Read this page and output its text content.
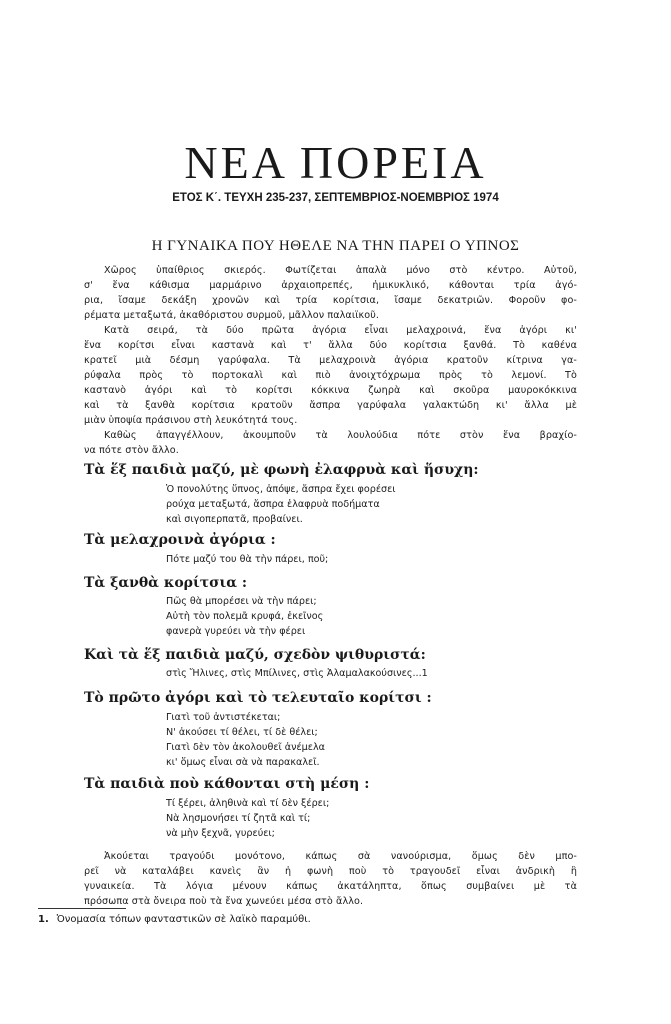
ΝΕΑ ΠΟΡΕΙΑ
ΕΤΟΣ Κ΄. ΤΕΥΧΗ 235-237, ΣΕΠΤΕΜΒΡΙΟΣ-ΝΟΕΜΒΡΙΟΣ 1974
Η ΓΥΝΑΙΚΑ ΠΟΥ ΗΘΕΛΕ ΝΑ ΤΗΝ ΠΑΡΕΙ Ο ΥΠΝΟΣ
Χῶρος ὑπαίθριος σκιερός. Φωτίζεται ἁπαλὰ μόνο στὸ κέντρο. Αὐτοῦ,
σ' ἕνα κάθισμα μαρμάρινο ἀρχαιοπρεπές, ἡμικυκλικό, κάθονται τρία ἀγό-
ρια, ἴσαμε δεκάξη χρονῶν καὶ τρία κορίτσια, ἴσαμε δεκατριῶν. Φοροῦν φο-
ρέματα μεταξωτά, ἀκαθόριστου συρμοῦ, μᾶλλον παλαιϊκοῦ.
Κατὰ σειρά, τὰ δύο πρῶτα ἀγόρια εἶναι μελαχροινά, ἕνα ἀγόρι κι'
ἕνα κορίτσι εἶναι καστανὰ καὶ τ' ἄλλα δύο κορίτσια ξανθά. Τὸ καθένα
κρατεῖ μιὰ δέσμη γαρύφαλα. Τὰ μελαχροινὰ ἀγόρια κρατοῦν κίτρινα γα-
ρύφαλα πρὸς τὸ πορτοκαλὶ καὶ πιὸ ἀνοιχτόχρωμα πρὸς τὸ λεμονί. Τὸ
καστανὸ ἀγόρι καὶ τὸ κορίτσι κόκκινα ζωηρὰ καὶ σκοῦρα μαυροκόκκινα
καὶ τὰ ξανθὰ κορίτσια κρατοῦν ἄσπρα γαρύφαλα γαλακτώδη κι' ἄλλα μὲ
μιὰν ὑποψία πράσινου στὴ λευκότητά τους.
Καθὼς ἀπαγγέλλουν, ἀκουμποῦν τὰ λουλούδια πότε στὸν ἕνα βραχίο-
να πότε στὸν ἄλλο.
Τὰ ἕξ παιδιὰ μαζύ, μὲ φωνὴ ἐλαφρυὰ καὶ ἥσυχη:
Ὁ πονολύτης ὕπνος, ἀπόψε, ἄσπρα ἔχει φορέσει
ρούχα μεταξωτά, ἄσπρα ἐλαφρυὰ ποδήματα
καὶ σιγοπερπατᾶ, προβαίνει.
Τὰ μελαχροινὰ ἀγόρια :
Πότε μαζύ του θὰ τὴν πάρει, ποῦ;
Τὰ ξανθὰ κορίτσια :
Πῶς θὰ μπορέσει νὰ τὴν πάρει;
Αὐτὴ τὸν πολεμᾶ κρυφά, ἐκεῖνος
φανερὰ γυρεύει νὰ τὴν φέρει
Καὶ τὰ ἕξ παιδιὰ μαζύ, σχεδὸν ψιθυριστά:
στὶς Ἤλινες, στὶς Μπίλινες, στὶς Ἀλαμαλακούσινες...1
Τὸ πρῶτο ἀγόρι καὶ τὸ τελευταῖο κορίτσι :
Γιατὶ τοῦ ἀντιστέκεται;
Ν' ἀκούσει τί θέλει, τί δὲ θέλει;
Γιατὶ δὲν τὸν ἀκολουθεῖ ἀνέμελα
κι' ὅμως εἶναι σὰ νὰ παρακαλεῖ.
Τὰ παιδιὰ ποὺ κάθονται στὴ μέση :
Τί ξέρει, ἀληθινὰ καὶ τί δὲν ξέρει;
Νὰ λησμονήσει τί ζητᾶ καὶ τί;
νὰ μὴν ξεχνᾶ, γυρεύει;
Ἀκούεται τραγούδι μονότονο, κάπως σὰ νανούρισμα, ὅμως δὲν μπο-
ρεῖ νὰ καταλάβει κανεὶς ἂν ἡ φωνὴ ποὺ τὸ τραγουδεῖ εἶναι ἀνδρικὴ ἢ
γυναικεία. Τὰ λόγια μένουν κάπως ἀκατάληπτα, ὅπως συμβαίνει μὲ τὰ
πρόσωπα στὰ ὄνειρα ποὺ τὰ ἔνα χωνεύει μέσα στὸ ἄλλο.
1. Ὀνομασία τόπων φανταστικῶν σὲ λαϊκὸ παραμύθι.
